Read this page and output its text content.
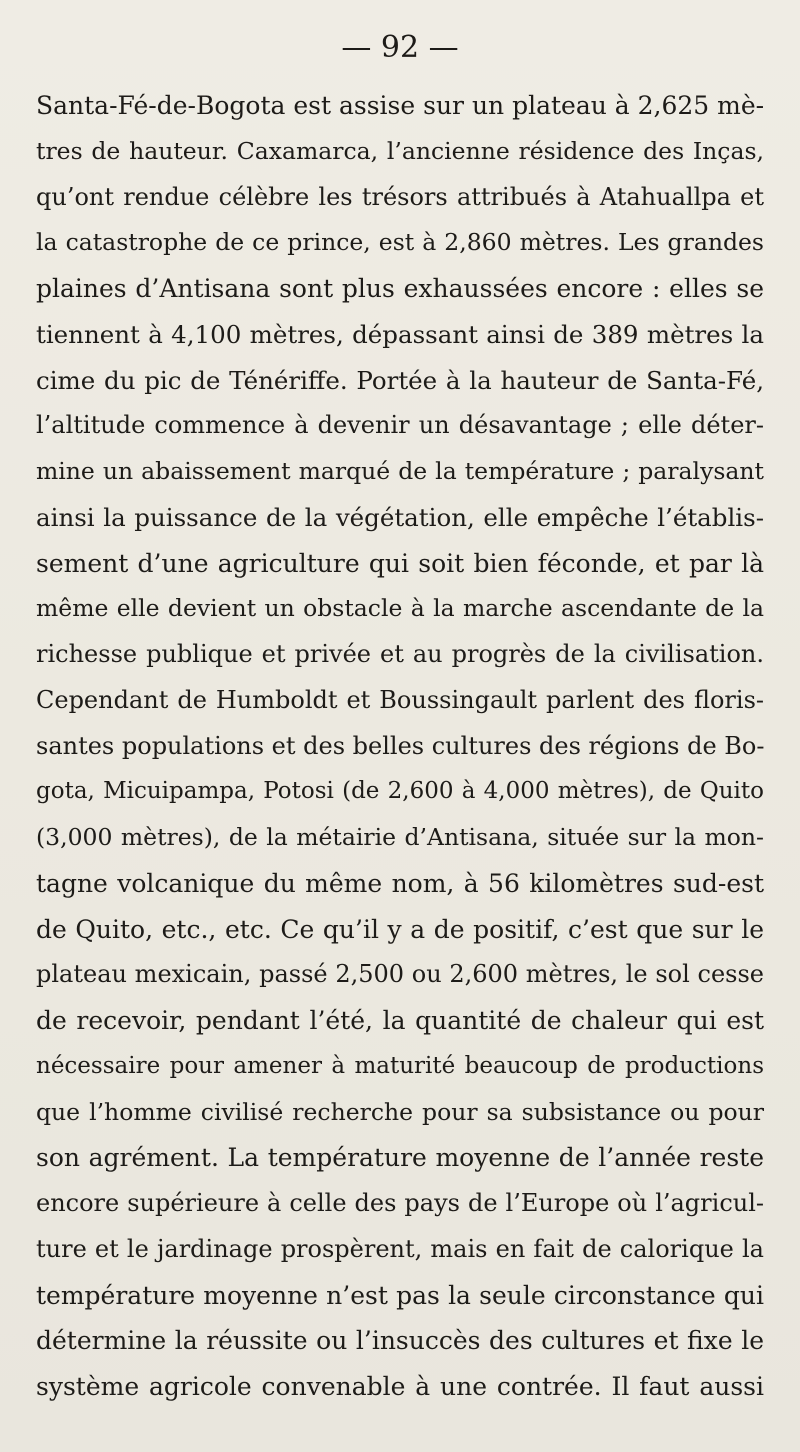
— 92 —
Santa-Fé-de-Bogota est assise sur un plateau à 2,625 mè-
tres de hauteur. Caxamarca, l’ancienne résidence des Inças,
qu’ont rendue célèbre les trésors attribués à Atahuallpa et
la catastrophe de ce prince, est à 2,860 mètres. Les grandes
plaines d’Antisana sont plus exhaussées encore : elles se
tiennent à 4,100 mètres, dépassant ainsi de 389 mètres la
cime du pic de Ténériffe. Portée à la hauteur de Santa-Fé,
l’altitude commence à devenir un désavantage ; elle déter-
mine un abaissement marqué de la température ; paralysant
ainsi la puissance de la végétation, elle empêche l’établis-
sement d’une agriculture qui soit bien féconde, et par là
même elle devient un obstacle à la marche ascendante de la
richesse publique et privée et au progrès de la civilisation.
Cependant de Humboldt et Boussingault parlent des floris-
santes populations et des belles cultures des régions de Bo-
gota, Micuipampa, Potosi (de 2,600 à 4,000 mètres), de Quito
(3,000 mètres), de la métairie d’Antisana, située sur la mon-
tagne volcanique du même nom, à 56 kilomètres sud-est
de Quito, etc., etc. Ce qu’il y a de positif, c’est que sur le
plateau mexicain, passé 2,500 ou 2,600 mètres, le sol cesse
de recevoir, pendant l’été, la quantité de chaleur qui est
nécessaire pour amener à maturité beaucoup de productions
que l’homme civilisé recherche pour sa subsistance ou pour
son agrément. La température moyenne de l’année reste
encore supérieure à celle des pays de l’Europe où l’agricul-
ture et le jardinage prospèrent, mais en fait de calorique la
température moyenne n’est pas la seule circonstance qui
détermine la réussite ou l’insuccès des cultures et fixe le
système agricole convenable à une contrée. Il faut aussi
